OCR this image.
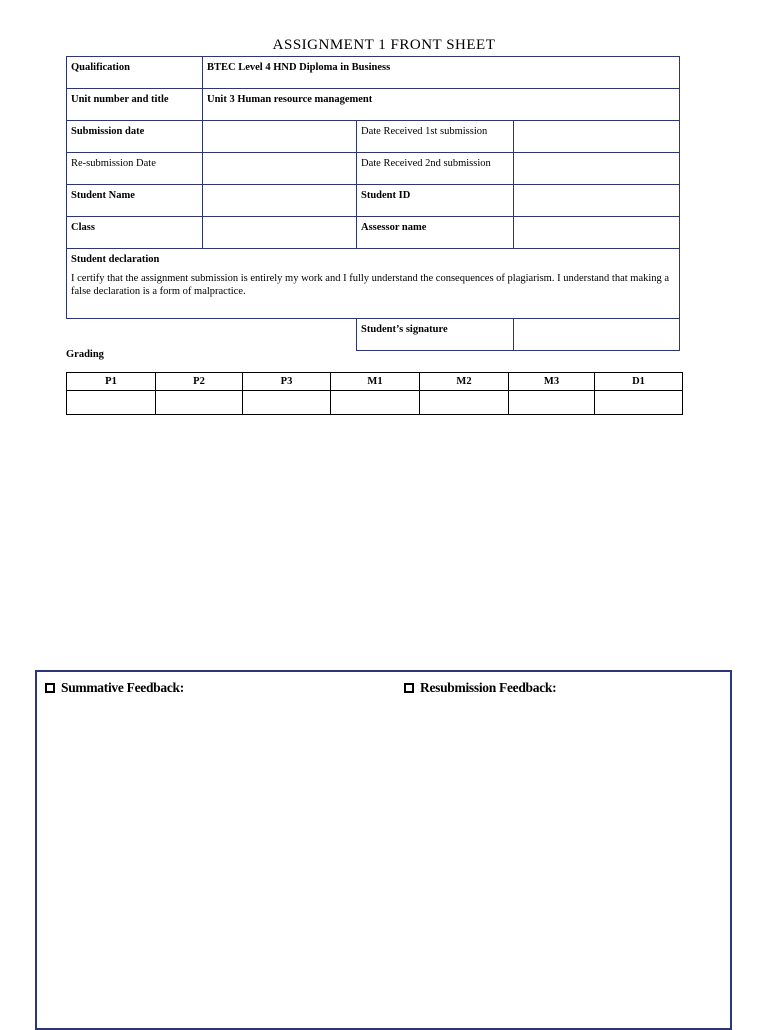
ASSIGNMENT 1 FRONT SHEET
Qualification	BTEC Level 4 HND Diploma in Business		
Unit number and title	Unit 3 Human resource management		
Submission date		Date Received 1st submission	
Re-submission Date		Date Received 2nd submission	
Student Name		Student ID	
Class		Assessor name	

Student declaration
I certify that the assignment submission is entirely my work and I fully understand the consequences of plagiarism. I understand that making a false declaration is a form of malpractice.			

		Student’s signature	
Grading
P1	P2	P3	M1	M2	M3	D1

Summative Feedback:	Resubmission Feedback:
